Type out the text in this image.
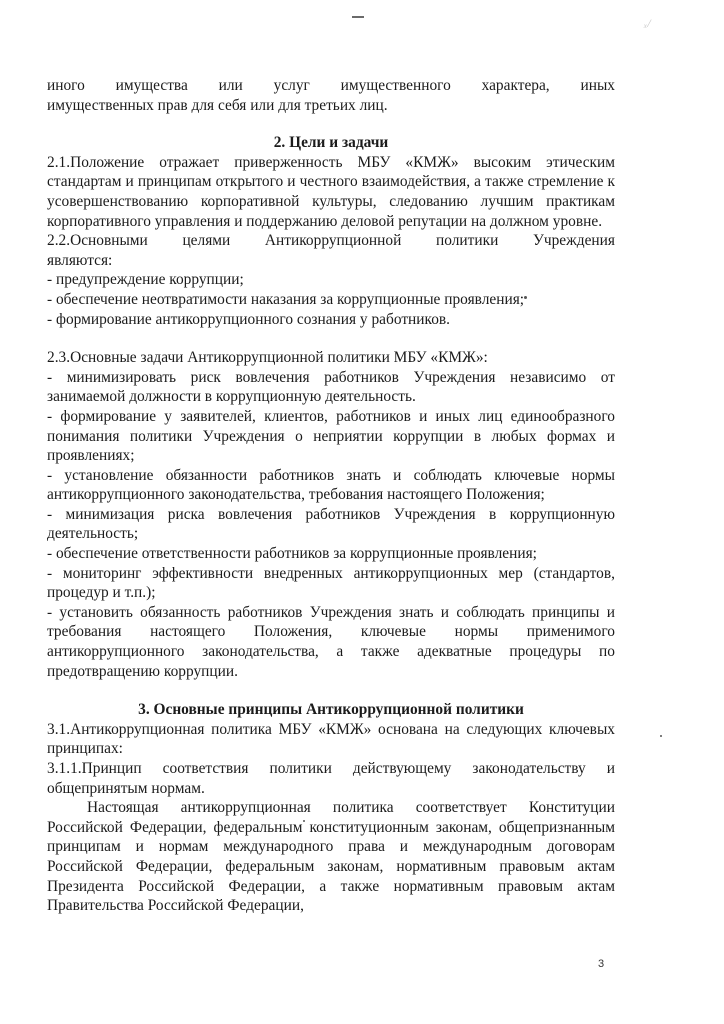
ₓ/

иного имущества или услуг имущественного характера, иных

имущественных прав для себя или для третьих лиц.

2. Цели и задачи

2.1.Положение отражает приверженность МБУ «КМЖ» высоким этическим стандартам и принципам открытого и честного взаимодействия, а также стремление к усовершенствованию корпоративной культуры, следованию лучшим практикам корпоративного управления и поддержанию деловой репутации на должном уровне.

2.2.Основными целями Антикоррупционной политики Учреждения

являются:

- предупреждение коррупции;

- обеспечение неотвратимости наказания за коррупционные проявления;

- формирование антикоррупционного сознания у работников.

2.3.Основные задачи Антикоррупционной политики МБУ «КМЖ»:

- минимизировать риск вовлечения работников Учреждения независимо от занимаемой должности в коррупционную деятельность.

- формирование у заявителей, клиентов, работников и иных лиц единообразного понимания политики Учреждения о неприятии коррупции в любых формах и проявлениях;

- установление обязанности работников знать и соблюдать ключевые нормы антикоррупционного законодательства, требования настоящего Положения;

- минимизация риска вовлечения работников Учреждения в коррупционную деятельность;

- обеспечение ответственности работников за коррупционные проявления;

- мониторинг эффективности внедренных антикоррупционных мер (стандартов, процедур и т.п.);

- установить обязанность работников Учреждения знать и соблюдать принципы и требования настоящего Положения, ключевые нормы применимого антикоррупционного законодательства, а также адекватные процедуры по предотвращению коррупции.

3. Основные принципы Антикоррупционной политики

3.1.Антикоррупционная политика МБУ «КМЖ» основана на следующих ключевых принципах:

3.1.1.Принцип соответствия политики действующему законодательству и общепринятым нормам.

Настоящая антикоррупционная политика соответствует Конституции Российской Федерации, федеральным конституционным законам, общепризнанным принципам и нормам международного права и международным договорам Российской Федерации, федеральным законам, нормативным правовым актам Президента Российской Федерации, а также нормативным правовым актам Правительства Российской Федерации,

3
